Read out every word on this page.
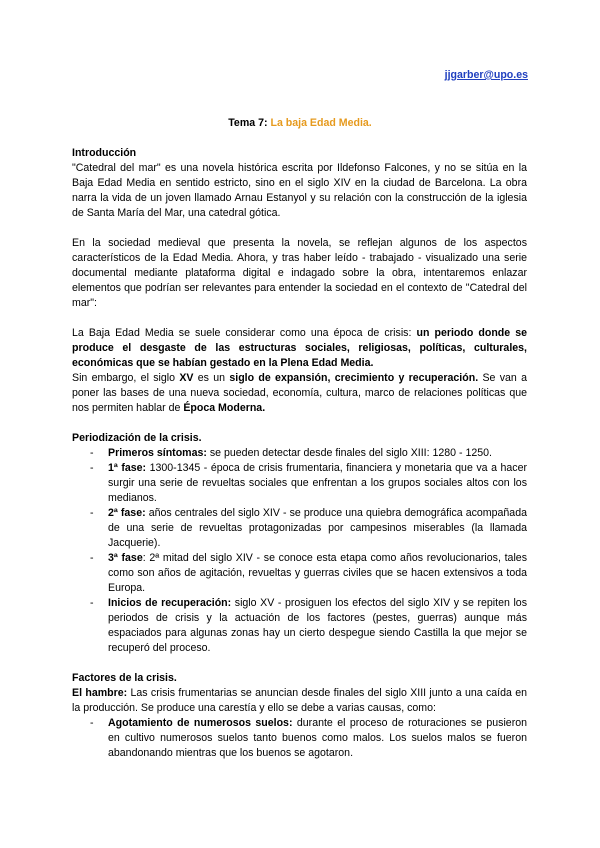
jjgarber@upo.es
Tema 7: La baja Edad Media.

Introducción

"Catedral del mar" es una novela histórica escrita por Ildefonso Falcones, y no se sitúa en la Baja Edad Media en sentido estricto, sino en el siglo XIV en la ciudad de Barcelona. La obra narra la vida de un joven llamado Arnau Estanyol y su relación con la construcción de la iglesia de Santa María del Mar, una catedral gótica.

En la sociedad medieval que presenta la novela, se reflejan algunos de los aspectos característicos de la Edad Media. Ahora, y tras haber leído - trabajado - visualizado una serie documental mediante plataforma digital e indagado sobre la obra, intentaremos enlazar elementos que podrían ser relevantes para entender la sociedad en el contexto de "Catedral del mar":

La Baja Edad Media se suele considerar como una época de crisis: un periodo donde se produce el desgaste de las estructuras sociales, religiosas, políticas, culturales, económicas que se habían gestado en la Plena Edad Media.

Sin embargo, el siglo XV es un siglo de expansión, crecimiento y recuperación. Se van a poner las bases de una nueva sociedad, economía, cultura, marco de relaciones políticas que nos permiten hablar de Época Moderna.

Periodización de la crisis.

- Primeros síntomas: se pueden detectar desde finales del siglo XIII: 1280 - 1250.
- 1ª fase: 1300-1345 - época de crisis frumentaria, financiera y monetaria que va a hacer surgir una serie de revueltas sociales que enfrentan a los grupos sociales altos con los medianos.
- 2ª fase: años centrales del siglo XIV - se produce una quiebra demográfica acompañada de una serie de revueltas protagonizadas por campesinos miserables (la llamada Jacquerie).
- 3ª fase: 2ª mitad del siglo XIV - se conoce esta etapa como años revolucionarios, tales como son años de agitación, revueltas y guerras civiles que se hacen extensivos a toda Europa.
- Inicios de recuperación: siglo XV - prosiguen los efectos del siglo XIV y se repiten los periodos de crisis y la actuación de los factores (pestes, guerras) aunque más espaciados para algunas zonas hay un cierto despegue siendo Castilla la que mejor se recuperó del proceso.

Factores de la crisis.

El hambre: Las crisis frumentarias se anuncian desde finales del siglo XIII junto a una caída en la producción. Se produce una carestía y ello se debe a varias causas, como:

- Agotamiento de numerosos suelos: durante el proceso de roturaciones se pusieron en cultivo numerosos suelos tanto buenos como malos. Los suelos malos se fueron abandonando mientras que los buenos se agotaron.
